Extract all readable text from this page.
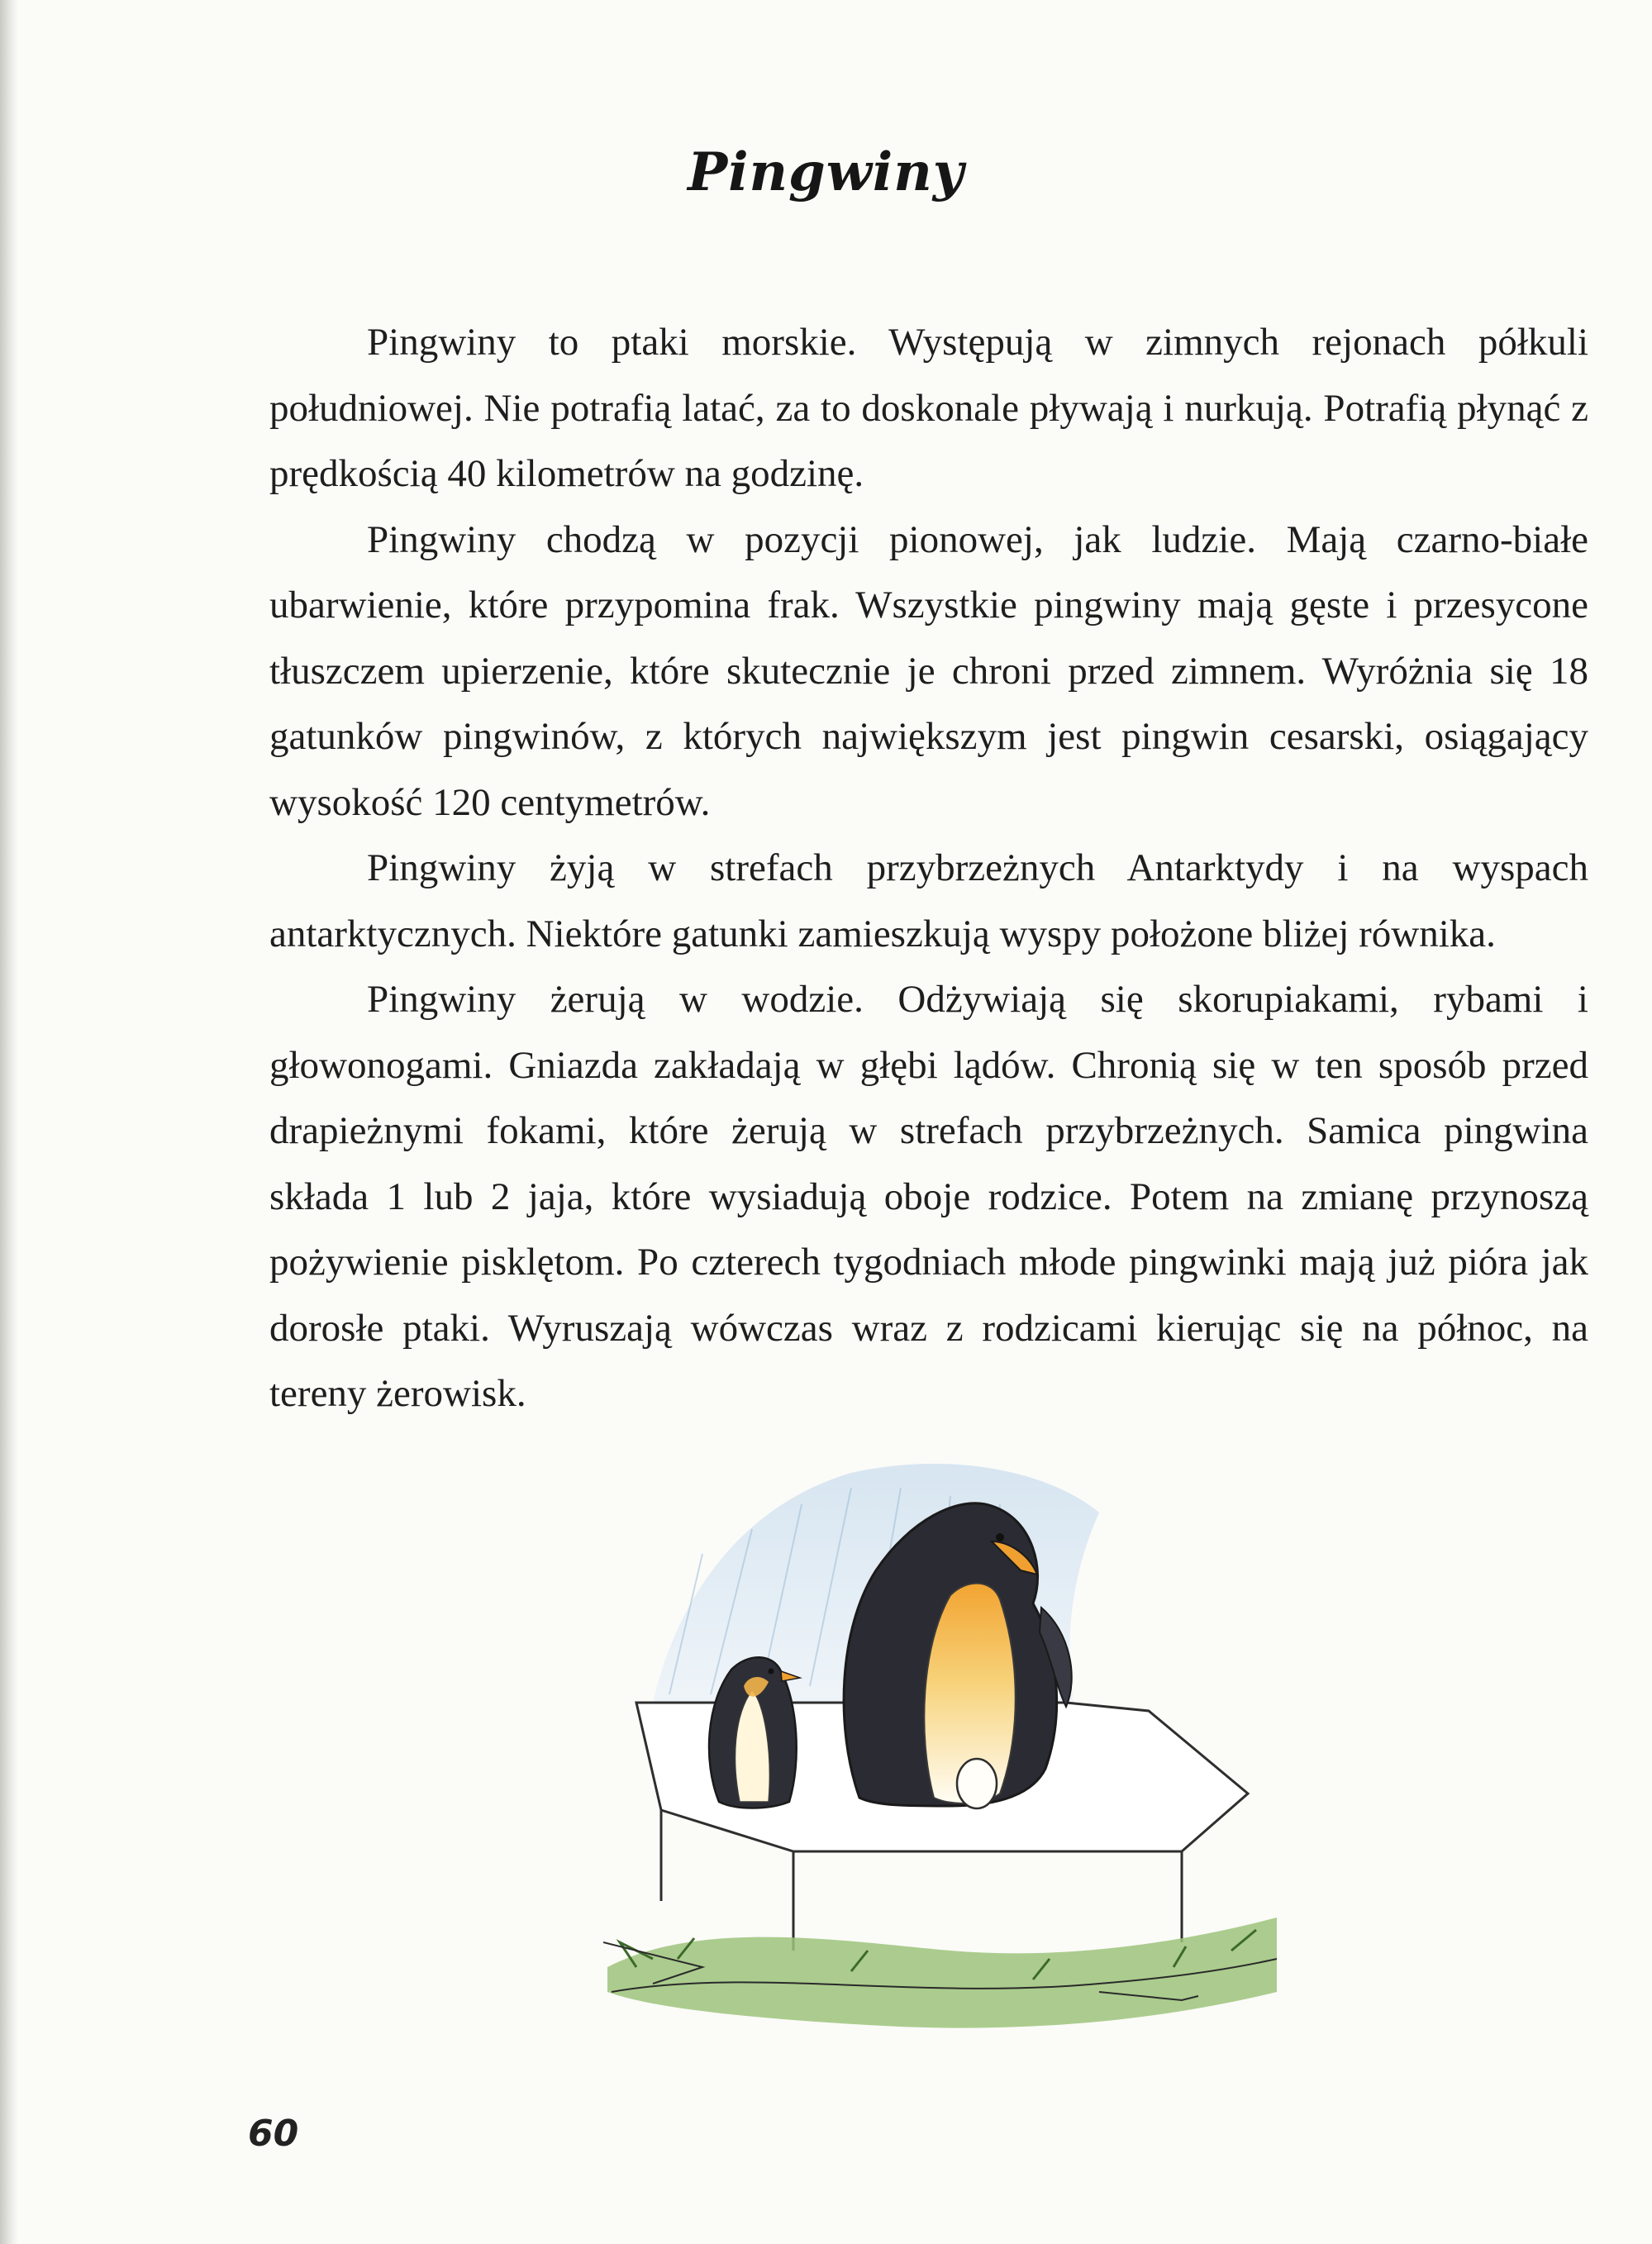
Pingwiny

Pingwiny to ptaki morskie. Występują w zimnych rejonach półkuli południowej. Nie potrafią latać, za to doskonale pływają i nurkują. Potrafią płynąć z prędkością 40 kilometrów na godzinę.

Pingwiny chodzą w pozycji pionowej, jak ludzie. Mają czarno-białe ubarwienie, które przypomina frak. Wszystkie pingwiny mają gęste i przesycone tłuszczem upierzenie, które skutecznie je chroni przed zimnem. Wyróżnia się 18 gatunków pingwinów, z których największym jest pingwin cesarski, osiągający wysokość 120 centymetrów.

Pingwiny żyją w strefach przybrzeżnych Antarktydy i na wyspach antarktycznych. Niektóre gatunki zamieszkują wyspy położone bliżej równika.

Pingwiny żerują w wodzie. Odżywiają się skorupiakami, rybami i głowonogami. Gniazda zakładają w głębi lądów. Chronią się w ten sposób przed drapieżnymi fokami, które żerują w strefach przybrzeżnych. Samica pingwina składa 1 lub 2 jaja, które wysiadują oboje rodzice. Potem na zmianę przynoszą pożywienie pisklętom. Po czterech tygodniach młode pingwinki mają już pióra jak dorosłe ptaki. Wyruszają wówczas wraz z rodzicami kierując się na północ, na tereny żerowisk.

60
